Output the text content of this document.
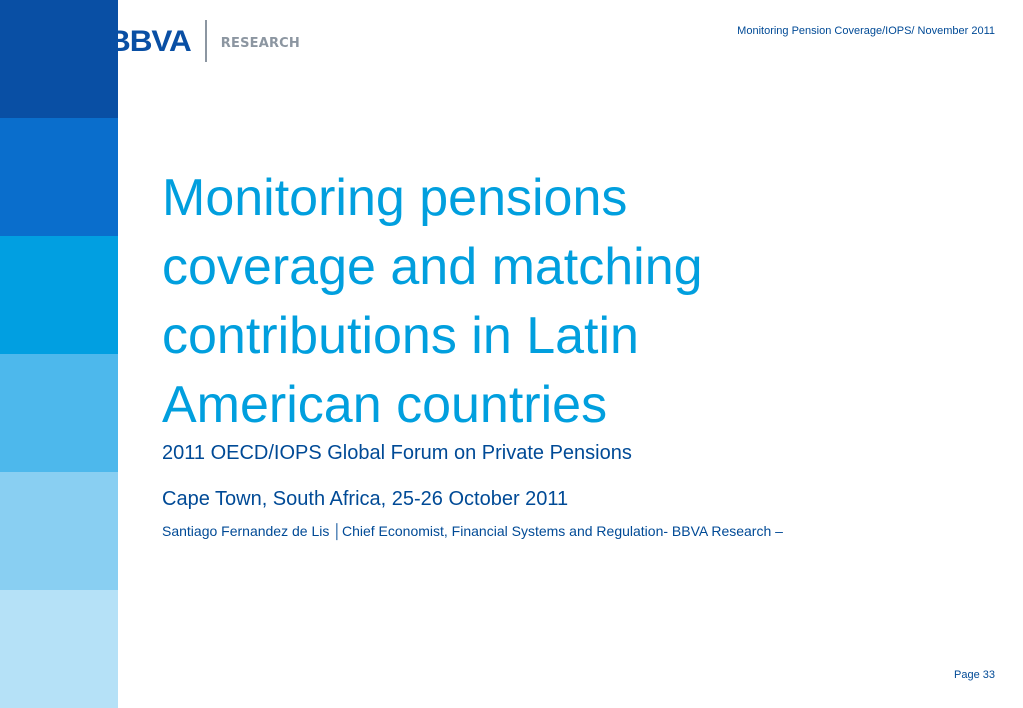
BBVA RESEARCH
Monitoring Pension Coverage/IOPS/ November 2011
Monitoring pensions
coverage and matching
contributions in Latin
American countries
2011 OECD/IOPS Global Forum on Private Pensions
Cape Town, South Africa, 25-26 October 2011
Santiago Fernandez de Lis │Chief Economist, Financial Systems and Regulation- BBVA Research –
Page 33
